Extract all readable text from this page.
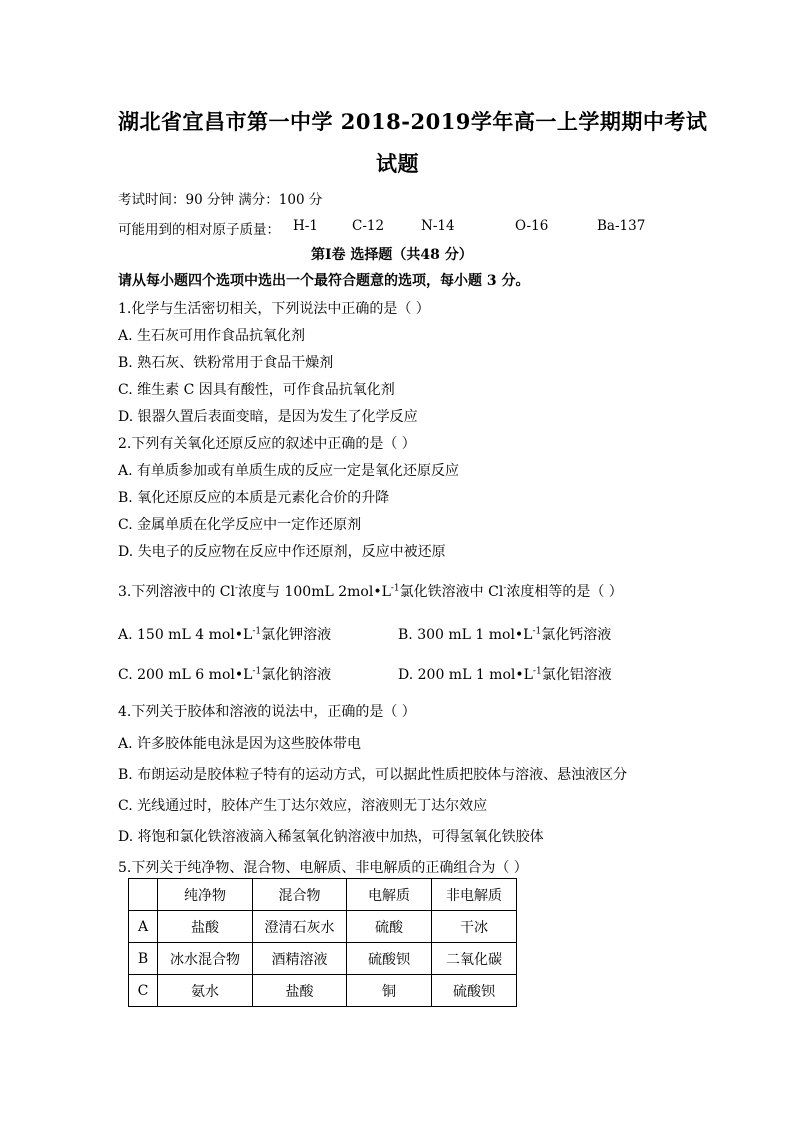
湖北省宜昌市第一中学 2018-2019学年高一上学期期中考试
试题
考试时间：90 分钟 满分：100 分
可能用到的相对原子质量： H-1	C-12	N-14	O-16	Ba-137
第Ⅰ卷 选择题（共48 分）
请从每小题四个选项中选出一个最符合题意的选项，每小题 3 分。
1.化学与生活密切相关，下列说法中正确的是（ ）
A. 生石灰可用作食品抗氧化剂
B. 熟石灰、铁粉常用于食品干燥剂
C. 维生素 C 因具有酸性，可作食品抗氧化剂
D. 银器久置后表面变暗，是因为发生了化学反应
2.下列有关氧化还原反应的叙述中正确的是（ ）
A. 有单质参加或有单质生成的反应一定是氧化还原反应
B. 氧化还原反应的本质是元素化合价的升降
C. 金属单质在化学反应中一定作还原剂
D. 失电子的反应物在反应中作还原剂，反应中被还原
3.下列溶液中的 Cl-浓度与 100mL $2mol•L^{-1}$氯化铁溶液中 Cl-浓度相等的是（ ）
A. 150 mL 4 $mol•L^{-1}$氯化钾溶液	B. 300 mL 1 $mol•L^{-1}$氯化钙溶液
C. 200 mL 6 $mol•L^{-1}$氯化钠溶液	D. 200 mL 1 $mol•L^{-1}$氯化铝溶液
4.下列关于胶体和溶液的说法中，正确的是（ ）
A. 许多胶体能电泳是因为这些胶体带电
B. 布朗运动是胶体粒子特有的运动方式，可以据此性质把胶体与溶液、悬浊液区分
C. 光线通过时，胶体产生丁达尔效应，溶液则无丁达尔效应
D. 将饱和氯化铁溶液滴入稀氢氧化钠溶液中加热，可得氢氧化铁胶体
5.下列关于纯净物、混合物、电解质、非电解质的正确组合为（ ）
	纯净物	混合物	电解质	非电解质
A	盐酸	澄清石灰水	硫酸	干冰
B	冰水混合物	酒精溶液	硫酸钡	二氧化碳
C	氨水	盐酸	铜	硫酸钡
